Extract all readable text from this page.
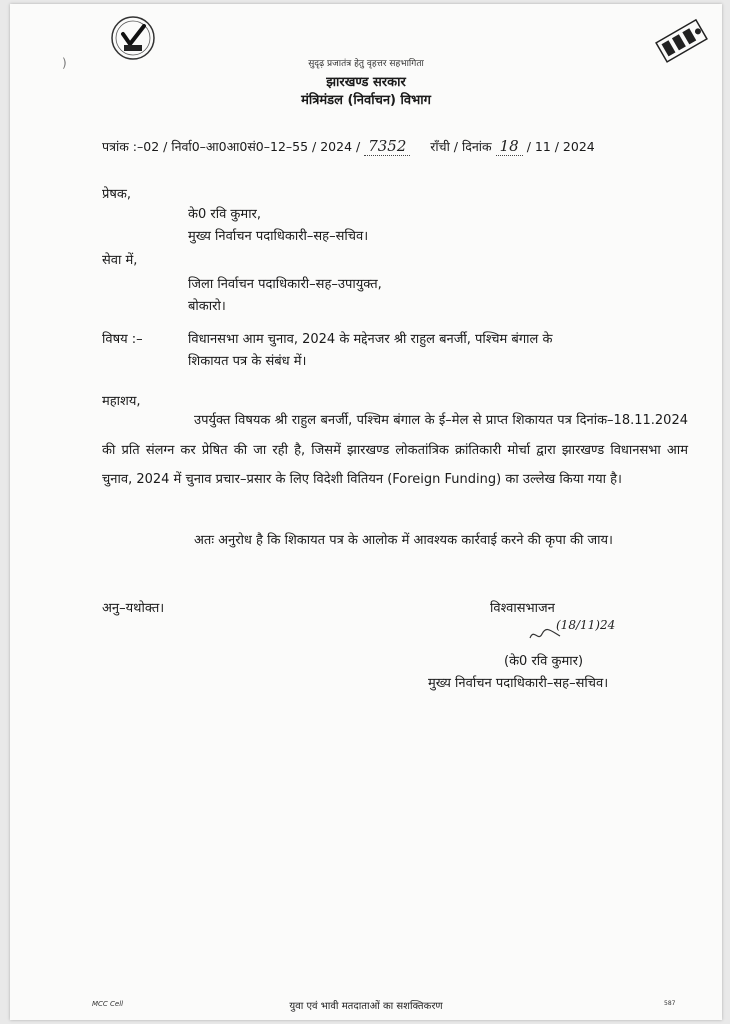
)	सुदृढ़ प्रजातंत्र हेतु वृहत्तर सहभागिता
झारखण्ड सरकार
मंत्रिमंडल (निर्वाचन) विभाग
पत्रांक :–02 / निर्वा0–आ0आ0सं0–12–55 / 2024 / 7352 राँची / दिनांक 18 / 11 / 2024
प्रेषक,
के0 रवि कुमार,
मुख्य निर्वाचन पदाधिकारी–सह–सचिव।
सेवा में,
जिला निर्वाचन पदाधिकारी–सह–उपायुक्त,
बोकारो।
विषय :–	विधानसभा आम चुनाव, 2024 के मद्देनजर श्री राहुल बनर्जी, पश्चिम बंगाल के
शिकायत पत्र के संबंध में।
महाशय,
उपर्युक्त विषयक श्री राहुल बनर्जी, पश्चिम बंगाल के ई–मेल से प्राप्त शिकायत पत्र दिनांक–18.11.2024 की प्रति संलग्न कर प्रेषित की जा रही है, जिसमें झारखण्ड लोकतांत्रिक क्रांतिकारी मोर्चा द्वारा झारखण्ड विधानसभा आम चुनाव, 2024 में चुनाव प्रचार–प्रसार के लिए विदेशी वितियन (Foreign Funding) का उल्लेख किया गया है।
अतः अनुरोध है कि शिकायत पत्र के आलोक में आवश्यक कार्रवाई करने की कृपा की जाय।
अनु–यथोक्त।	विश्वासभाजन
(18/11)24
(के0 रवि कुमार)
मुख्य निर्वाचन पदाधिकारी–सह–सचिव।
MCC Cell	युवा एवं भावी मतदाताओं का सशक्तिकरण	587
